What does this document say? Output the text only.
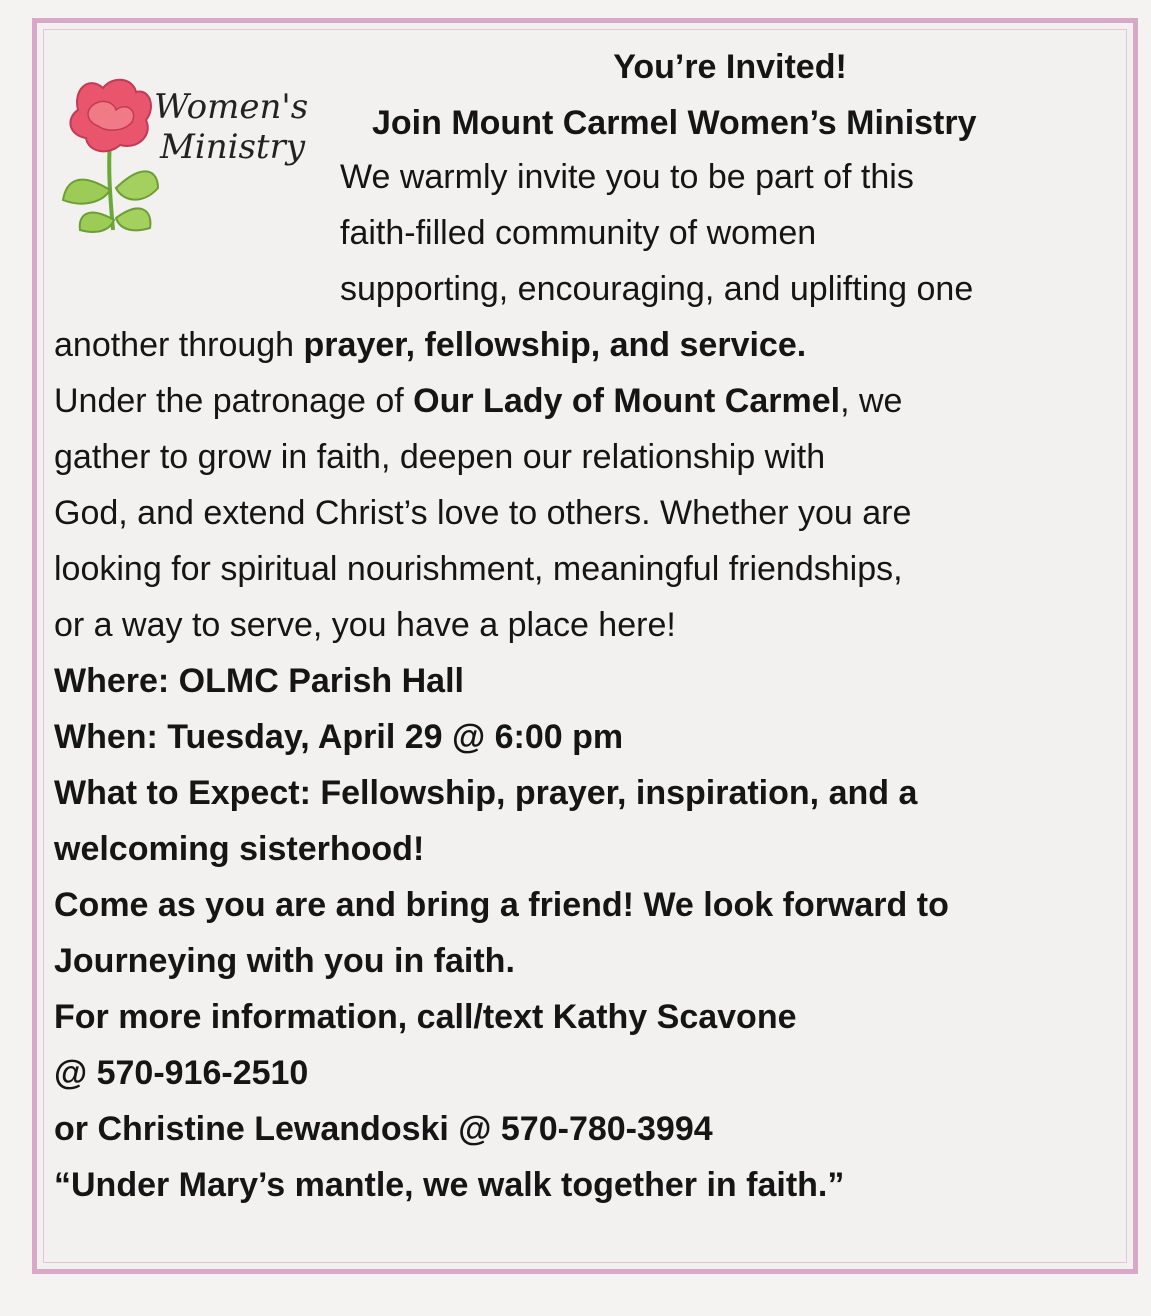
Women's
Ministry
You’re Invited!
Join Mount Carmel Women’s Ministry
We warmly invite you to be part of this
faith-filled community of women
supporting, encouraging, and uplifting one
another through prayer, fellowship, and service.
Under the patronage of Our Lady of Mount Carmel, we
gather to grow in faith, deepen our relationship with
God, and extend Christ’s love to others. Whether you are
looking for spiritual nourishment, meaningful friendships,
or a way to serve, you have a place here!
Where: OLMC Parish Hall
When: Tuesday, April 29 @ 6:00 pm
What to Expect: Fellowship, prayer, inspiration, and a
welcoming sisterhood!
Come as you are and bring a friend! We look forward to
Journeying with you in faith.
For more information, call/text Kathy Scavone
@ 570-916-2510
or Christine Lewandoski @ 570-780-3994
“Under Mary’s mantle, we walk together in faith.”
